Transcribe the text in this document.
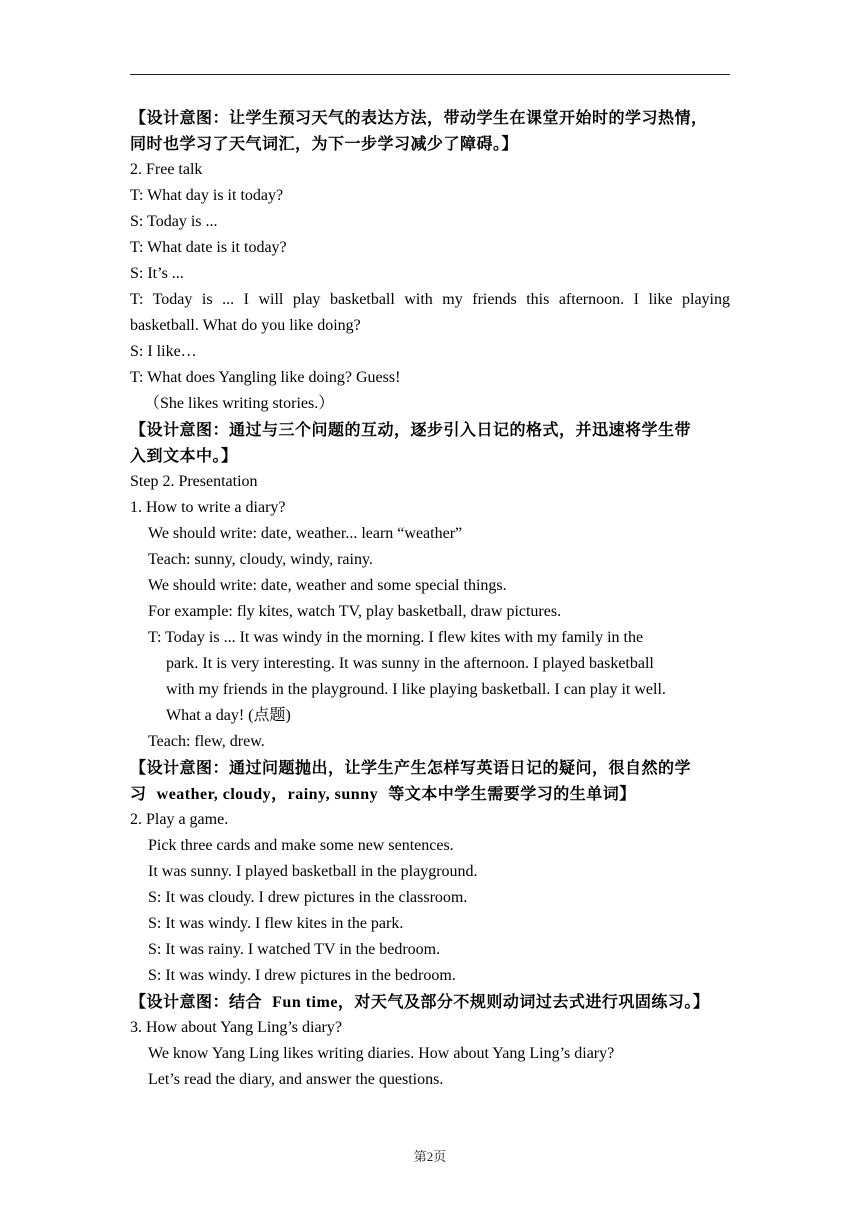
【设计意图：让学生预习天气的表达方法，带动学生在课堂开始时的学习热情，
同时也学习了天气词汇，为下一步学习减少了障碍。】
2. Free talk
T: What day is it today?
S: Today is ...
T: What date is it today?
S: It’s ...
T: Today is ... I will play basketball with my friends this afternoon. I like playing
basketball. What do you like doing?
S: I like…
T: What does Yangling like doing? Guess!
（She likes writing stories.）
【设计意图：通过与三个问题的互动，逐步引入日记的格式，并迅速将学生带
入到文本中。】
Step 2. Presentation
1. How to write a diary?
We should write: date, weather... learn “weather”
Teach: sunny, cloudy, windy, rainy.
We should write: date, weather and some special things.
For example: fly kites, watch TV, play basketball, draw pictures.
T: Today is ... It was windy in the morning. I flew kites with my family in the
park. It is very interesting. It was sunny in the afternoon. I played basketball
with my friends in the playground. I like playing basketball. I can play it well.
What a day! (点题)
Teach: flew, drew.
【设计意图：通过问题抛出，让学生产生怎样写英语日记的疑问，很自然的学
习 weather, cloudy，rainy, sunny 等文本中学生需要学习的生单词】
2. Play a game.
Pick three cards and make some new sentences.
It was sunny. I played basketball in the playground.
S: It was cloudy. I drew pictures in the classroom.
S: It was windy. I flew kites in the park.
S: It was rainy. I watched TV in the bedroom.
S: It was windy. I drew pictures in the bedroom.
【设计意图：结合 Fun time，对天气及部分不规则动词过去式进行巩固练习。】
3. How about Yang Ling’s diary?
We know Yang Ling likes writing diaries. How about Yang Ling’s diary?
Let’s read the diary, and answer the questions.
第2页
